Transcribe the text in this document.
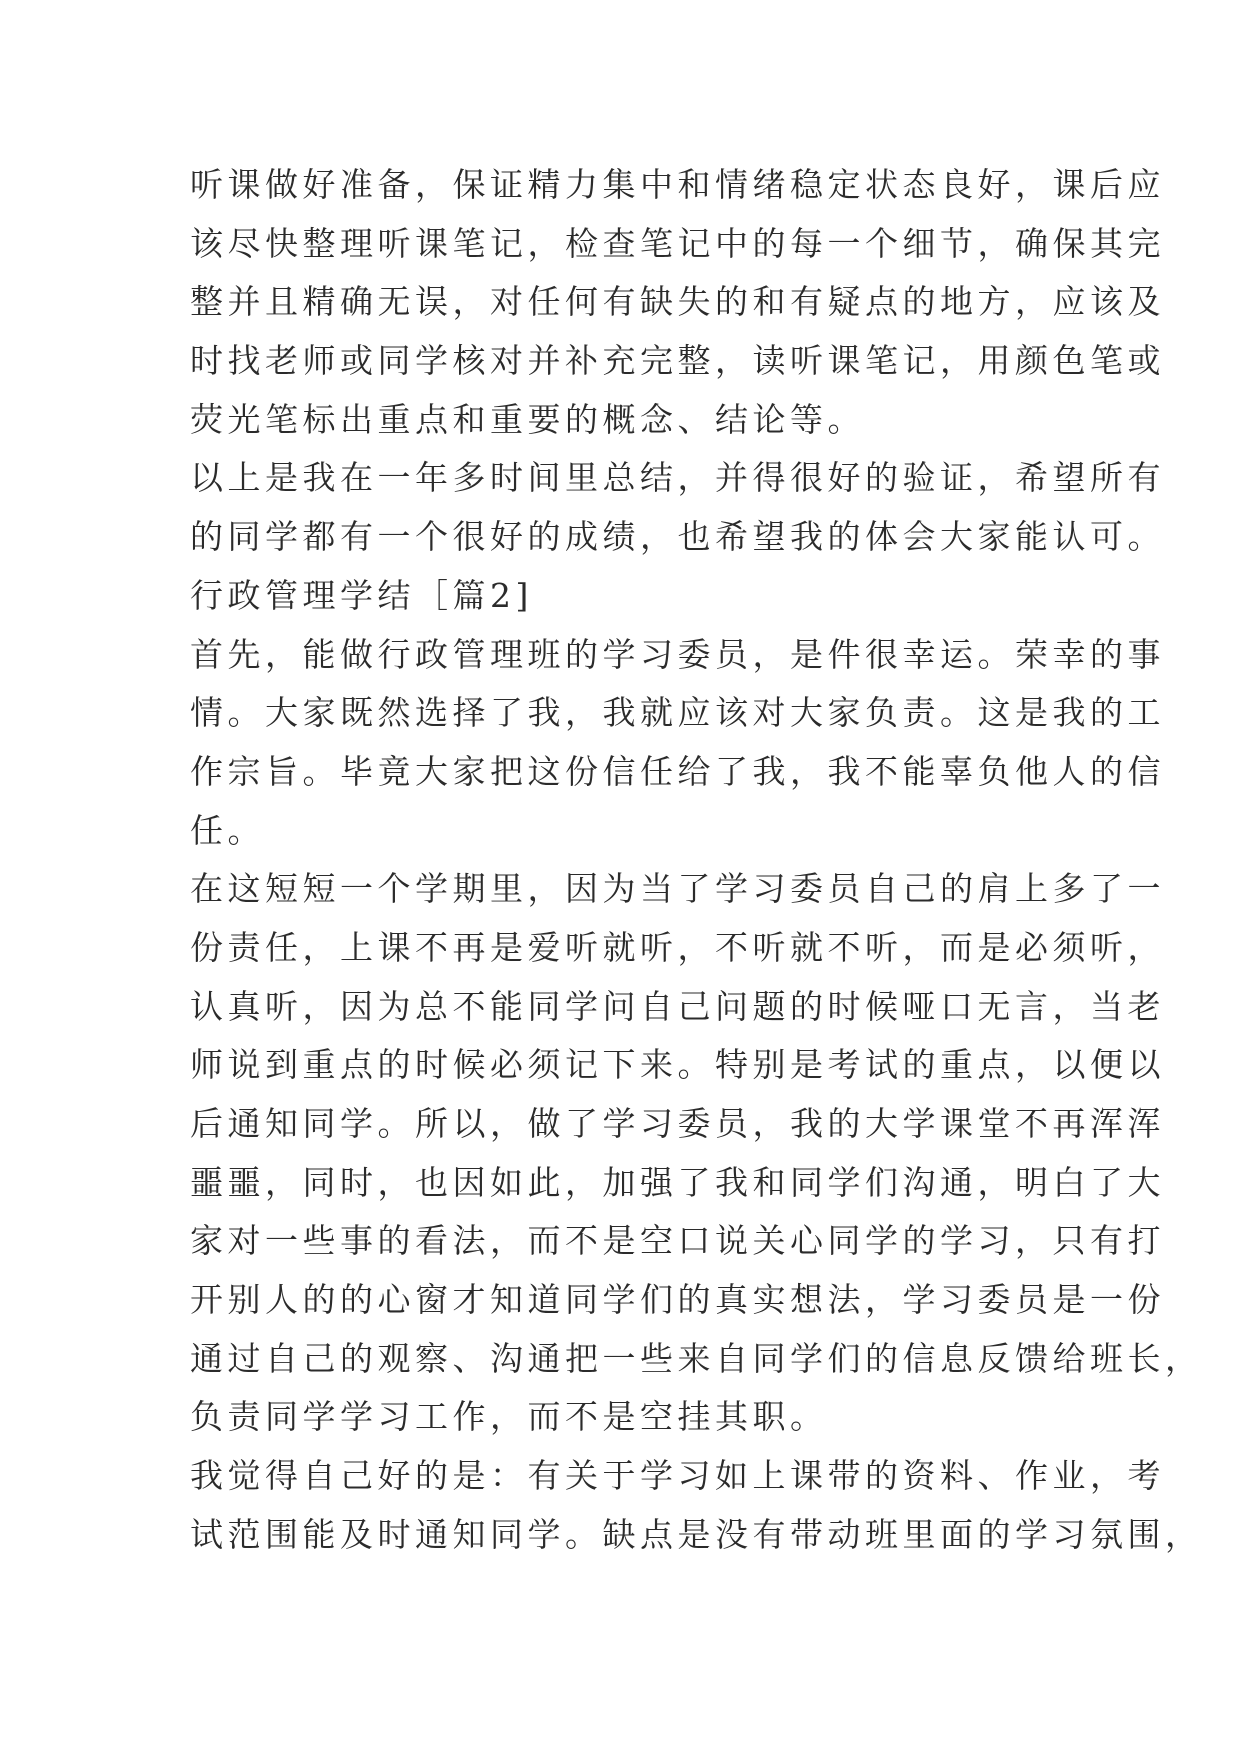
听课做好准备，保证精力集中和情绪稳定状态良好，课后应
该尽快整理听课笔记，检查笔记中的每一个细节，确保其完
整并且精确无误，对任何有缺失的和有疑点的地方，应该及
时找老师或同学核对并补充完整，读听课笔记，用颜色笔或
荧光笔标出重点和重要的概念、结论等。
以上是我在一年多时间里总结，并得很好的验证，希望所有
的同学都有一个很好的成绩，也希望我的体会大家能认可。
行政管理学结［篇2]
首先，能做行政管理班的学习委员，是件很幸运。荣幸的事
情。大家既然选择了我，我就应该对大家负责。这是我的工
作宗旨。毕竟大家把这份信任给了我，我不能辜负他人的信
任。
在这短短一个学期里，因为当了学习委员自己的肩上多了一
份责任，上课不再是爱听就听，不听就不听，而是必须听，
认真听，因为总不能同学问自己问题的时候哑口无言，当老
师说到重点的时候必须记下来。特别是考试的重点，以便以
后通知同学。所以，做了学习委员，我的大学课堂不再浑浑
噩噩，同时，也因如此，加强了我和同学们沟通，明白了大
家对一些事的看法，而不是空口说关心同学的学习，只有打
开别人的的心窗才知道同学们的真实想法，学习委员是一份
通过自己的观察、沟通把一些来自同学们的信息反馈给班长，
负责同学学习工作，而不是空挂其职。
我觉得自己好的是：有关于学习如上课带的资料、作业，考
试范围能及时通知同学。缺点是没有带动班里面的学习氛围，
